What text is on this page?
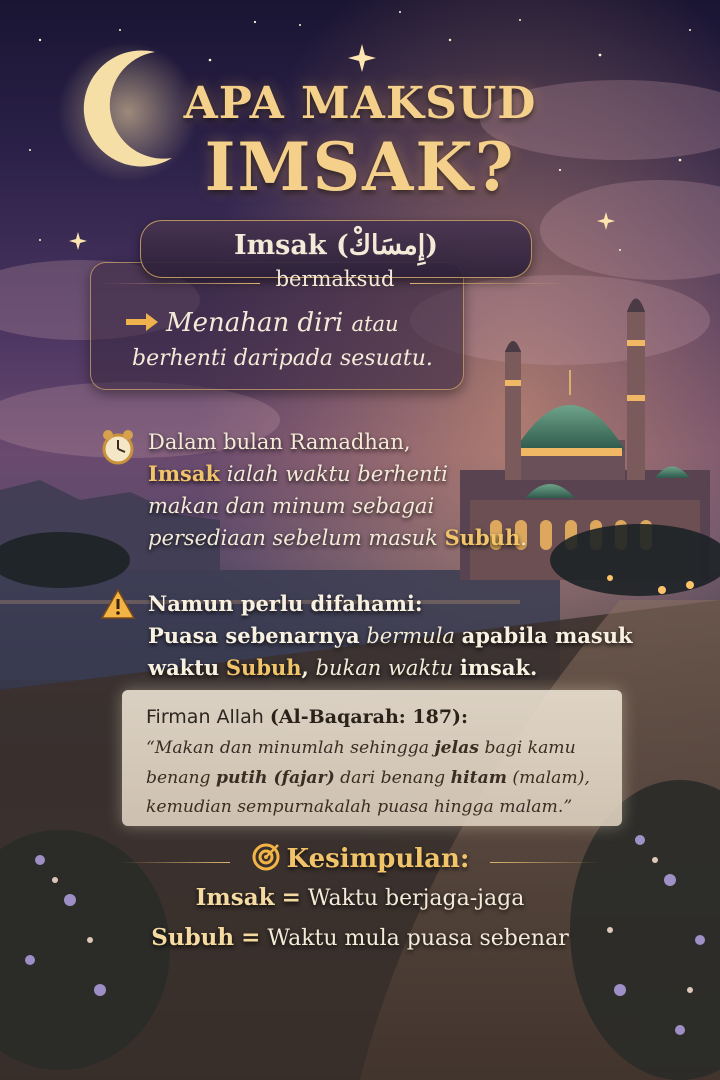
APA MAKSUD
IMSAK?
Imsak (إِمسَاكْ)
bermaksud
Menahan diri atau
berhenti daripada sesuatu.
Dalam bulan Ramadhan,
Imsak ialah waktu berhenti
makan dan minum sebagai
persediaan sebelum masuk Subuh.
Namun perlu difahami:
Puasa sebenarnya bermula apabila masuk
waktu Subuh, bukan waktu imsak.
Firman Allah (Al-Baqarah: 187):
“Makan dan minumlah sehingga jelas bagi kamu
benang putih (fajar) dari benang hitam (malam),
kemudian sempurnakalah puasa hingga malam.”
Kesimpulan:
Imsak = Waktu berjaga-jaga
Subuh = Waktu mula puasa sebenar
